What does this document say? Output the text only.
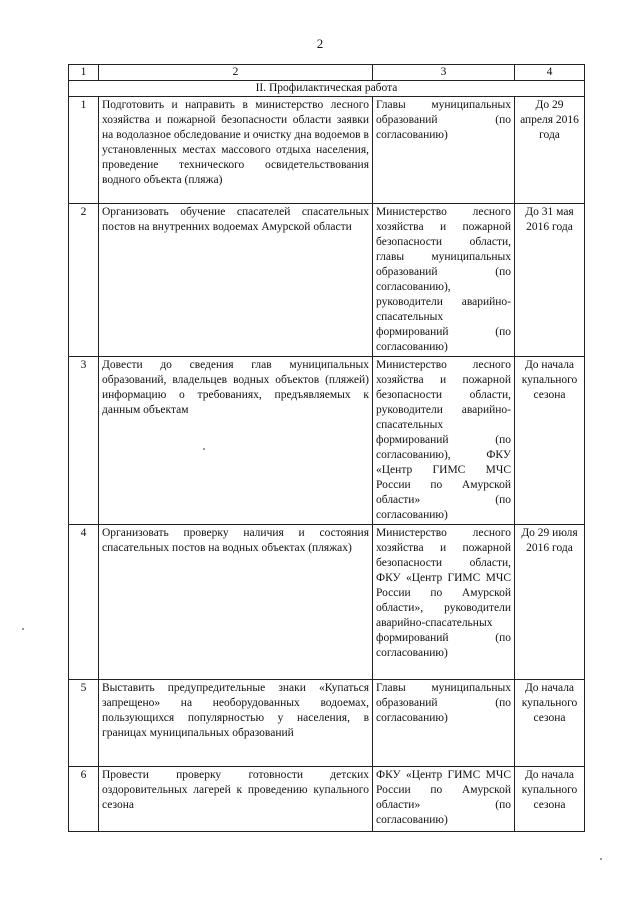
2
1	2	3	4
II. Профилактическая работа			
1	Подготовить и направить в министерство лесного хозяйства и пожарной безопасности области заявки на водолазное обследование и очистку дна водоемов в установленных местах массового отдыха населения, проведение технического освидетельствования водного объекта (пляжа)	Главы муниципальных образований (по согласованию)	До 29 апреля 2016 года
2	Организовать обучение спасателей спасательных постов на внутренних водоемах Амурской области	Министерство лесного хозяйства и пожарной безопасности области, главы муниципальных образований (по согласованию), руководители аварийно-спасательных формирований (по согласованию)	До 31 мая 2016 года
3	Довести до сведения глав муниципальных образований, владельцев водных объектов (пляжей) информацию о требованиях, предъявляемых к данным объектам	Министерство лесного хозяйства и пожарной безопасности области, руководители аварийно-спасательных формирований (по согласованию), ФКУ «Центр ГИМС МЧС России по Амурской области» (по согласованию)	До начала купального сезона
4	Организовать проверку наличия и состояния спасательных постов на водных объектах (пляжах)	Министерство лесного хозяйства и пожарной безопасности области, ФКУ «Центр ГИМС МЧС России по Амурской области», руководители аварийно-спасательных формирований (по согласованию)	До 29 июля 2016 года
5	Выставить предупредительные знаки «Купаться запрещено» на необорудованных водоемах, пользующихся популярностью у населения, в границах муниципальных образований	Главы муниципальных образований (по согласованию)	До начала купального сезона
6	Провести проверку готовности детских оздоровительных лагерей к проведению купального сезона	ФКУ «Центр ГИМС МЧС России по Амурской области» (по согласованию)	До начала купального сезона
